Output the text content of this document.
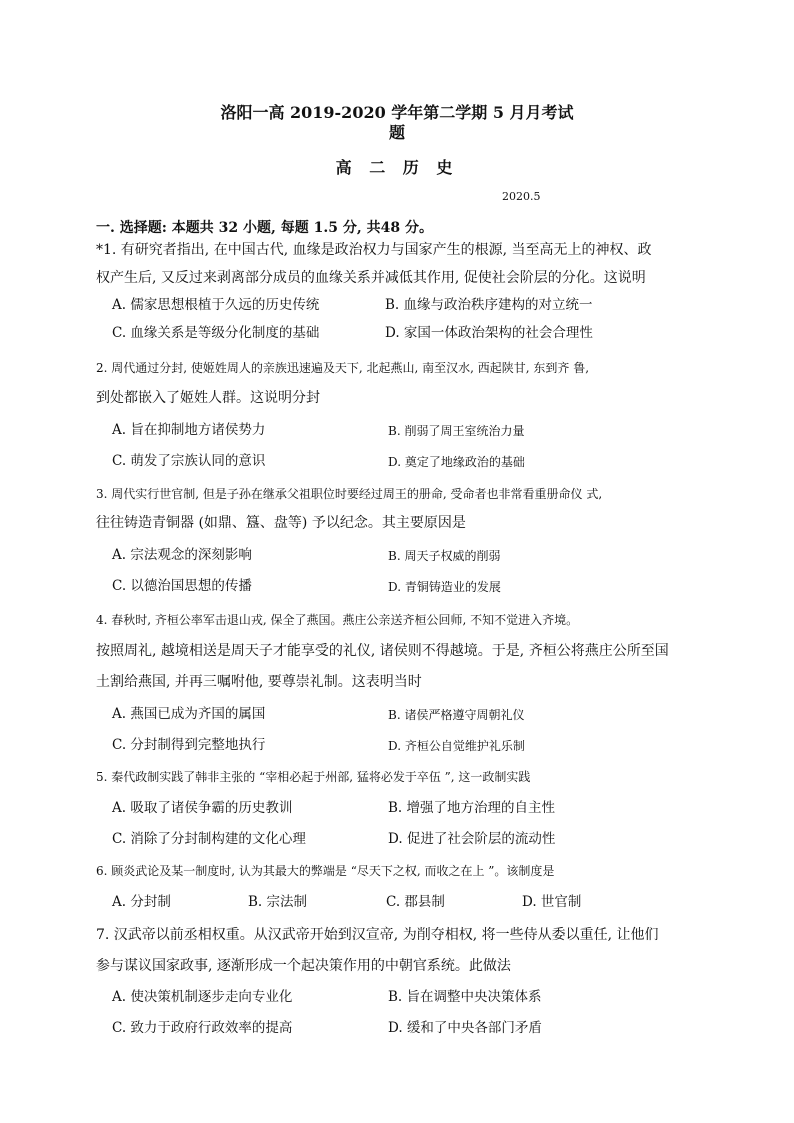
洛阳一高 2019-2020 学年第二学期 5 月月考试
题
高 二 历 史
2020.5
一. 选择题: 本题共 32 小题, 每题 1.5 分, 共48 分。
*1. 有研究者指出, 在中国古代, 血缘是政治权力与国家产生的根源, 当至高无上的神权、政
权产生后, 又反过来剥离部分成员的血缘关系并减低其作用, 促使社会阶层的分化。这说明
A. 儒家思想根植于久远的历史传统	B. 血缘与政治秩序建构的对立统一
C. 血缘关系是等级分化制度的基础	D. 家国一体政治架构的社会合理性
2. 周代通过分封, 使姬姓周人的亲族迅速遍及天下, 北起燕山, 南至汉水, 西起陕甘, 东到齐 鲁,
到处都嵌入了姬姓人群。这说明分封
A. 旨在抑制地方诸侯势力	B. 削弱了周王室统治力量
C. 萌发了宗族认同的意识	D. 奠定了地缘政治的基础
3. 周代实行世官制, 但是子孙在继承父祖职位时要经过周王的册命, 受命者也非常看重册命仪 式,
往往铸造青铜器 (如鼎、簋、盘等) 予以纪念。其主要原因是
A. 宗法观念的深刻影响	B. 周天子权威的削弱
C. 以德治国思想的传播	D. 青铜铸造业的发展
4. 春秋时, 齐桓公率军击退山戎, 保全了燕国。燕庄公亲送齐桓公回师, 不知不觉进入齐境。
按照周礼, 越境相送是周天子才能享受的礼仪, 诸侯则不得越境。于是, 齐桓公将燕庄公所至国
土割给燕国, 并再三嘱咐他, 要尊崇礼制。这表明当时
A. 燕国已成为齐国的属国	B. 诸侯严格遵守周朝礼仪
C. 分封制得到完整地执行	D. 齐桓公自觉维护礼乐制
5. 秦代政制实践了韩非主张的 “宰相必起于州部, 猛将必发于卒伍 ”, 这一政制实践
A. 吸取了诸侯争霸的历史教训	B. 增强了地方治理的自主性
C. 消除了分封制构建的文化心理	D. 促进了社会阶层的流动性
6. 顾炎武论及某一制度时, 认为其最大的弊端是 “尽天下之权, 而收之在上 ”。该制度是
A. 分封制	B. 宗法制	C. 郡县制	D. 世官制
7. 汉武帝以前丞相权重。从汉武帝开始到汉宣帝, 为削夺相权, 将一些侍从委以重任, 让他们
参与谋议国家政事, 逐渐形成一个起决策作用的中朝官系统。此做法
A. 使决策机制逐步走向专业化	B. 旨在调整中央决策体系
C. 致力于政府行政效率的提高	D. 缓和了中央各部门矛盾
